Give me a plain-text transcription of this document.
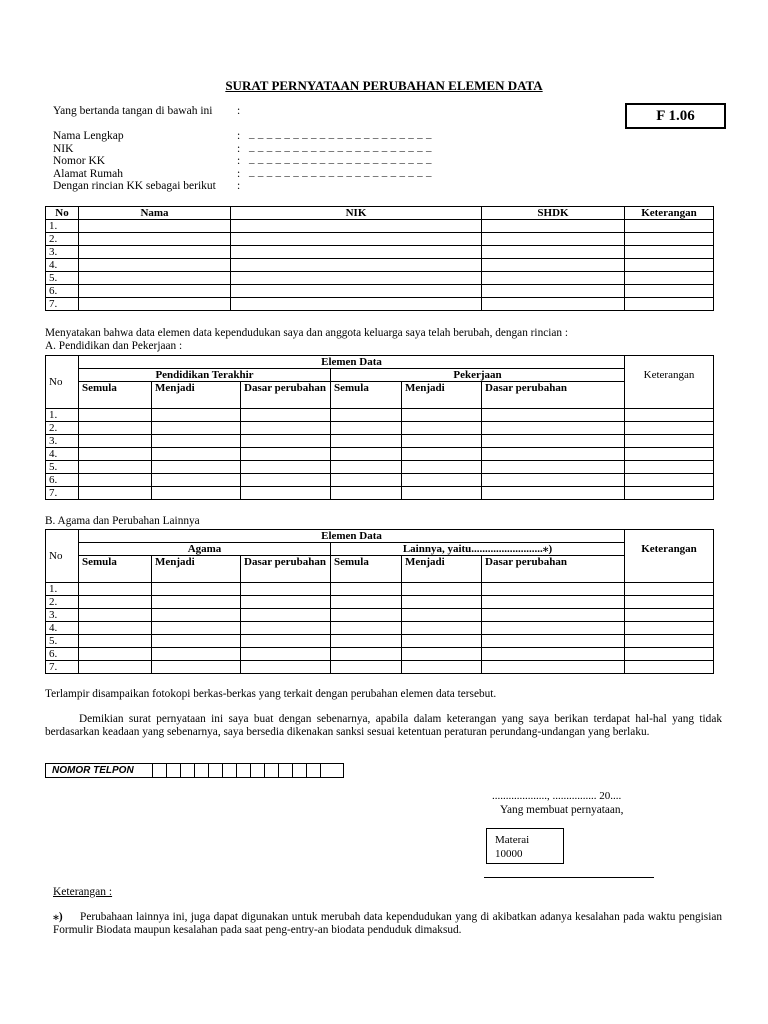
SURAT PERNYATAAN PERUBAHAN ELEMEN DATA
F 1.06
Yang bertanda tangan di bawah ini :
Nama Lengkap	: _ _ _ _ _ _ _ _ _ _ _ _ _ _ _ _ _ _ _ _ _
NIK	: _ _ _ _ _ _ _ _ _ _ _ _ _ _ _ _ _ _ _ _ _
Nomor KK	: _ _ _ _ _ _ _ _ _ _ _ _ _ _ _ _ _ _ _ _ _
Alamat Rumah	: _ _ _ _ _ _ _ _ _ _ _ _ _ _ _ _ _ _ _ _ _
Dengan rincian KK sebagai berikut :
No	Nama	NIK	SHDK	Keterangan
1.				
2.				
3.				
4.				
5.				
6.				
7.				
Menyatakan bahwa data elemen data kependudukan saya dan anggota keluarga saya telah berubah, dengan rincian :
A. Pendidikan dan Pekerjaan :
No	Elemen Data						Keterangan
	Pendidikan Terakhir			Pekerjaan			
	Semula	Menjadi	Dasar perubahan	Semula	Menjadi	Dasar perubahan	
1.							
2.							
3.							
4.							
5.							
6.							
7.							
B. Agama dan Perubahan Lainnya
No	Elemen Data						Keterangan
	Agama			Lainnya, yaitu..........................⁎)			
	Semula	Menjadi	Dasar perubahan	Semula	Menjadi	Dasar perubahan	
1.							
2.							
3.							
4.							
5.							
6.							
7.							
Terlampir disampaikan fotokopi berkas-berkas yang terkait dengan perubahan elemen data tersebut.
Demikian surat pernyataan ini saya buat dengan sebenarnya, apabila dalam keterangan yang saya berikan terdapat hal-hal yang tidak berdasarkan keadaan yang sebenarnya, saya bersedia dikenakan sanksi sesuai ketentuan peraturan perundang-undangan yang berlaku.
NOMOR TELPON													
...................., ................ 20....
Yang membuat pernyataan,
Materai
10000
Keterangan :
⁎) Perubahaan lainnya ini, juga dapat digunakan untuk merubah data kependudukan yang di akibatkan adanya kesalahan pada waktu pengisian Formulir Biodata maupun kesalahan pada saat peng-entry-an biodata penduduk dimaksud.
